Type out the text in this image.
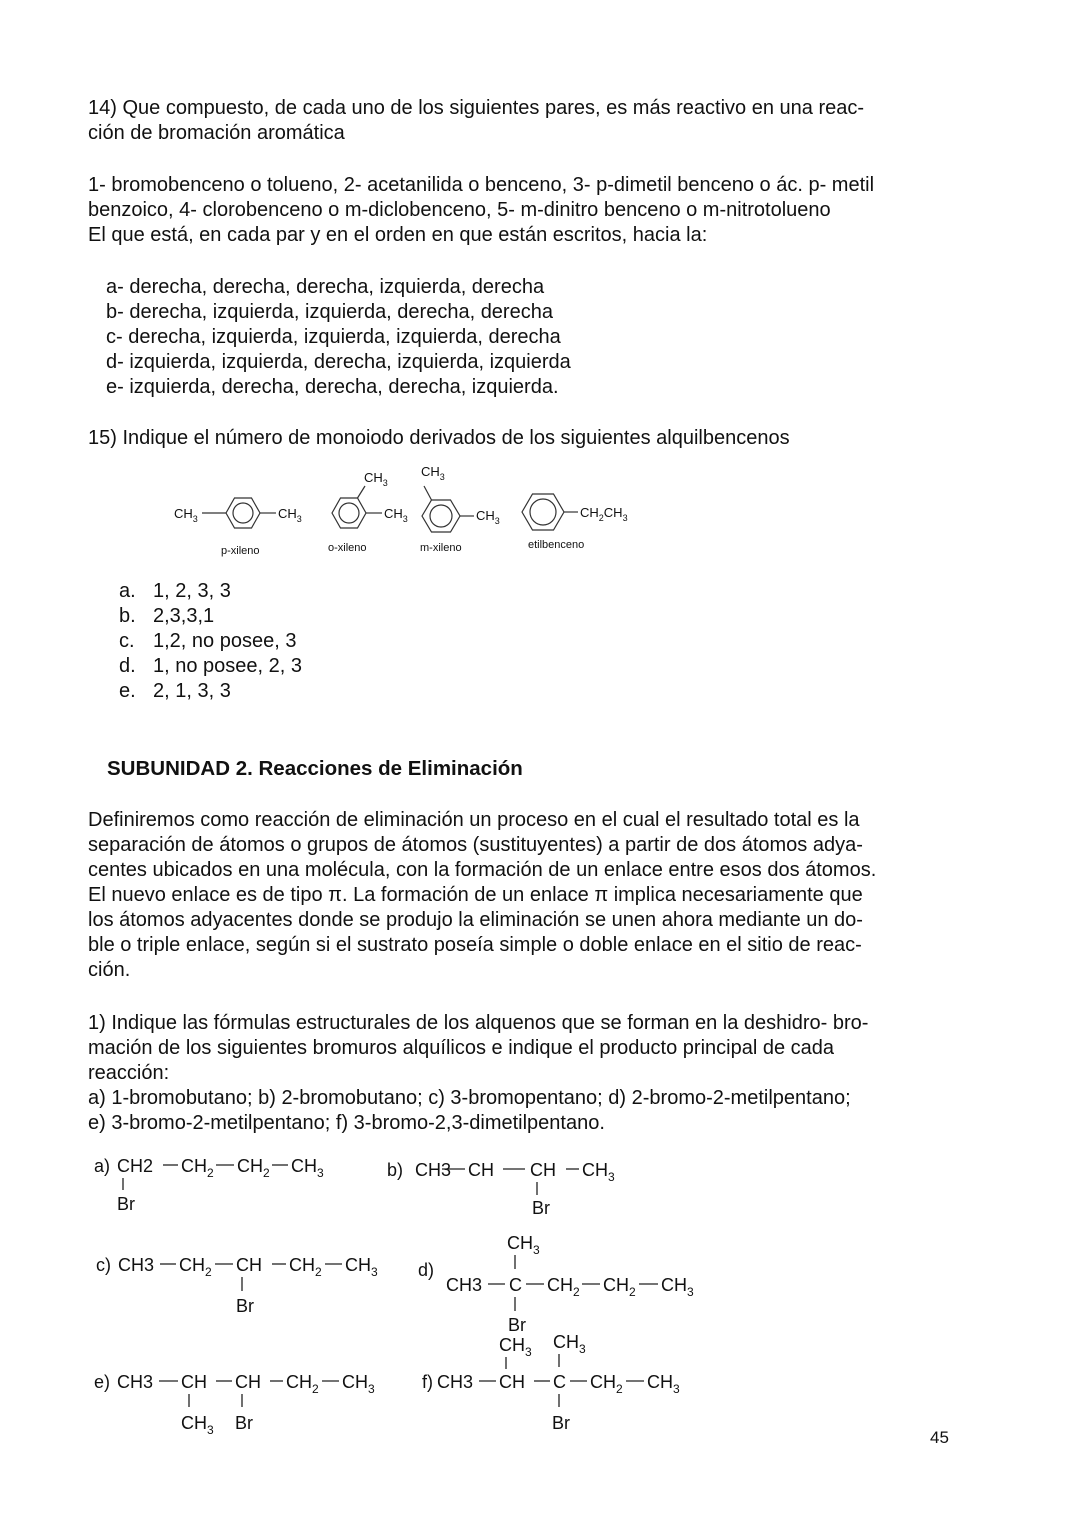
14) Que compuesto, de cada uno de los siguientes pares, es más reactivo en una reac-
ción de bromación aromática
1- bromobenceno o tolueno, 2- acetanilida o benceno, 3- p-dimetil benceno o ác. p- metil
benzoico, 4- clorobenceno o m-diclobenceno, 5- m-dinitro benceno o m-nitrotolueno
El que está, en cada par y en el orden en que están escritos, hacia la:
a- derecha, derecha, derecha, izquierda, derecha
b- derecha, izquierda, izquierda, derecha, derecha
c- derecha, izquierda, izquierda, izquierda, derecha
d- izquierda, izquierda, derecha, izquierda, izquierda
e- izquierda, derecha, derecha, derecha, izquierda.
15) Indique el número de monoiodo derivados de los siguientes alquilbencenos
$CH_3$	$CH_3$
$CH_3$
$CH_3$
$CH_3$
$CH_3$
$CH_2CH_3$
p-xileno	o-xileno	m-xileno	etilbenceno
a. 1, 2, 3, 3
b. 2,3,3,1
c. 1,2, no posee, 3
d. 1, no posee, 2, 3
e. 2, 1, 3, 3
SUBUNIDAD 2. Reacciones de Eliminación
Definiremos como reacción de eliminación un proceso en el cual el resultado total es la
separación de átomos o grupos de átomos (sustituyentes) a partir de dos átomos adya-
centes ubicados en una molécula, con la formación de un enlace entre esos dos átomos.
El nuevo enlace es de tipo π. La formación de un enlace π implica necesariamente que
los átomos adyacentes donde se produjo la eliminación se unen ahora mediante un do-
ble o triple enlace, según si el sustrato poseía simple o doble enlace en el sitio de reac-
ción.
1) Indique las fórmulas estructurales de los alquenos que se forman en la deshidro- bro-
mación de los siguientes bromuros alquílicos e indique el producto principal de cada
reacción:
a) 1-bromobutano; b) 2-bromobutano; c) 3-bromopentano; d) 2-bromo-2-metilpentano;
e) 3-bromo-2-metilpentano; f) 3-bromo-2,3-dimetilpentano.
a) CH2 $CH_2$ $CH_2$ $CH_3$
Br
b) CH3 CH CH $CH_3$
Br
c) CH3 $CH_2$ CH $CH_2$ $CH_3$
Br
d)
$CH_3$
CH3 C $CH_2$ $CH_2$ $CH_3$
Br
e) CH3 CH CH $CH_2$ $CH_3$
$CH_3$ Br
f) CH3 CH C $CH_2$ $CH_3$
$CH_3$ $CH_3$
Br
45
